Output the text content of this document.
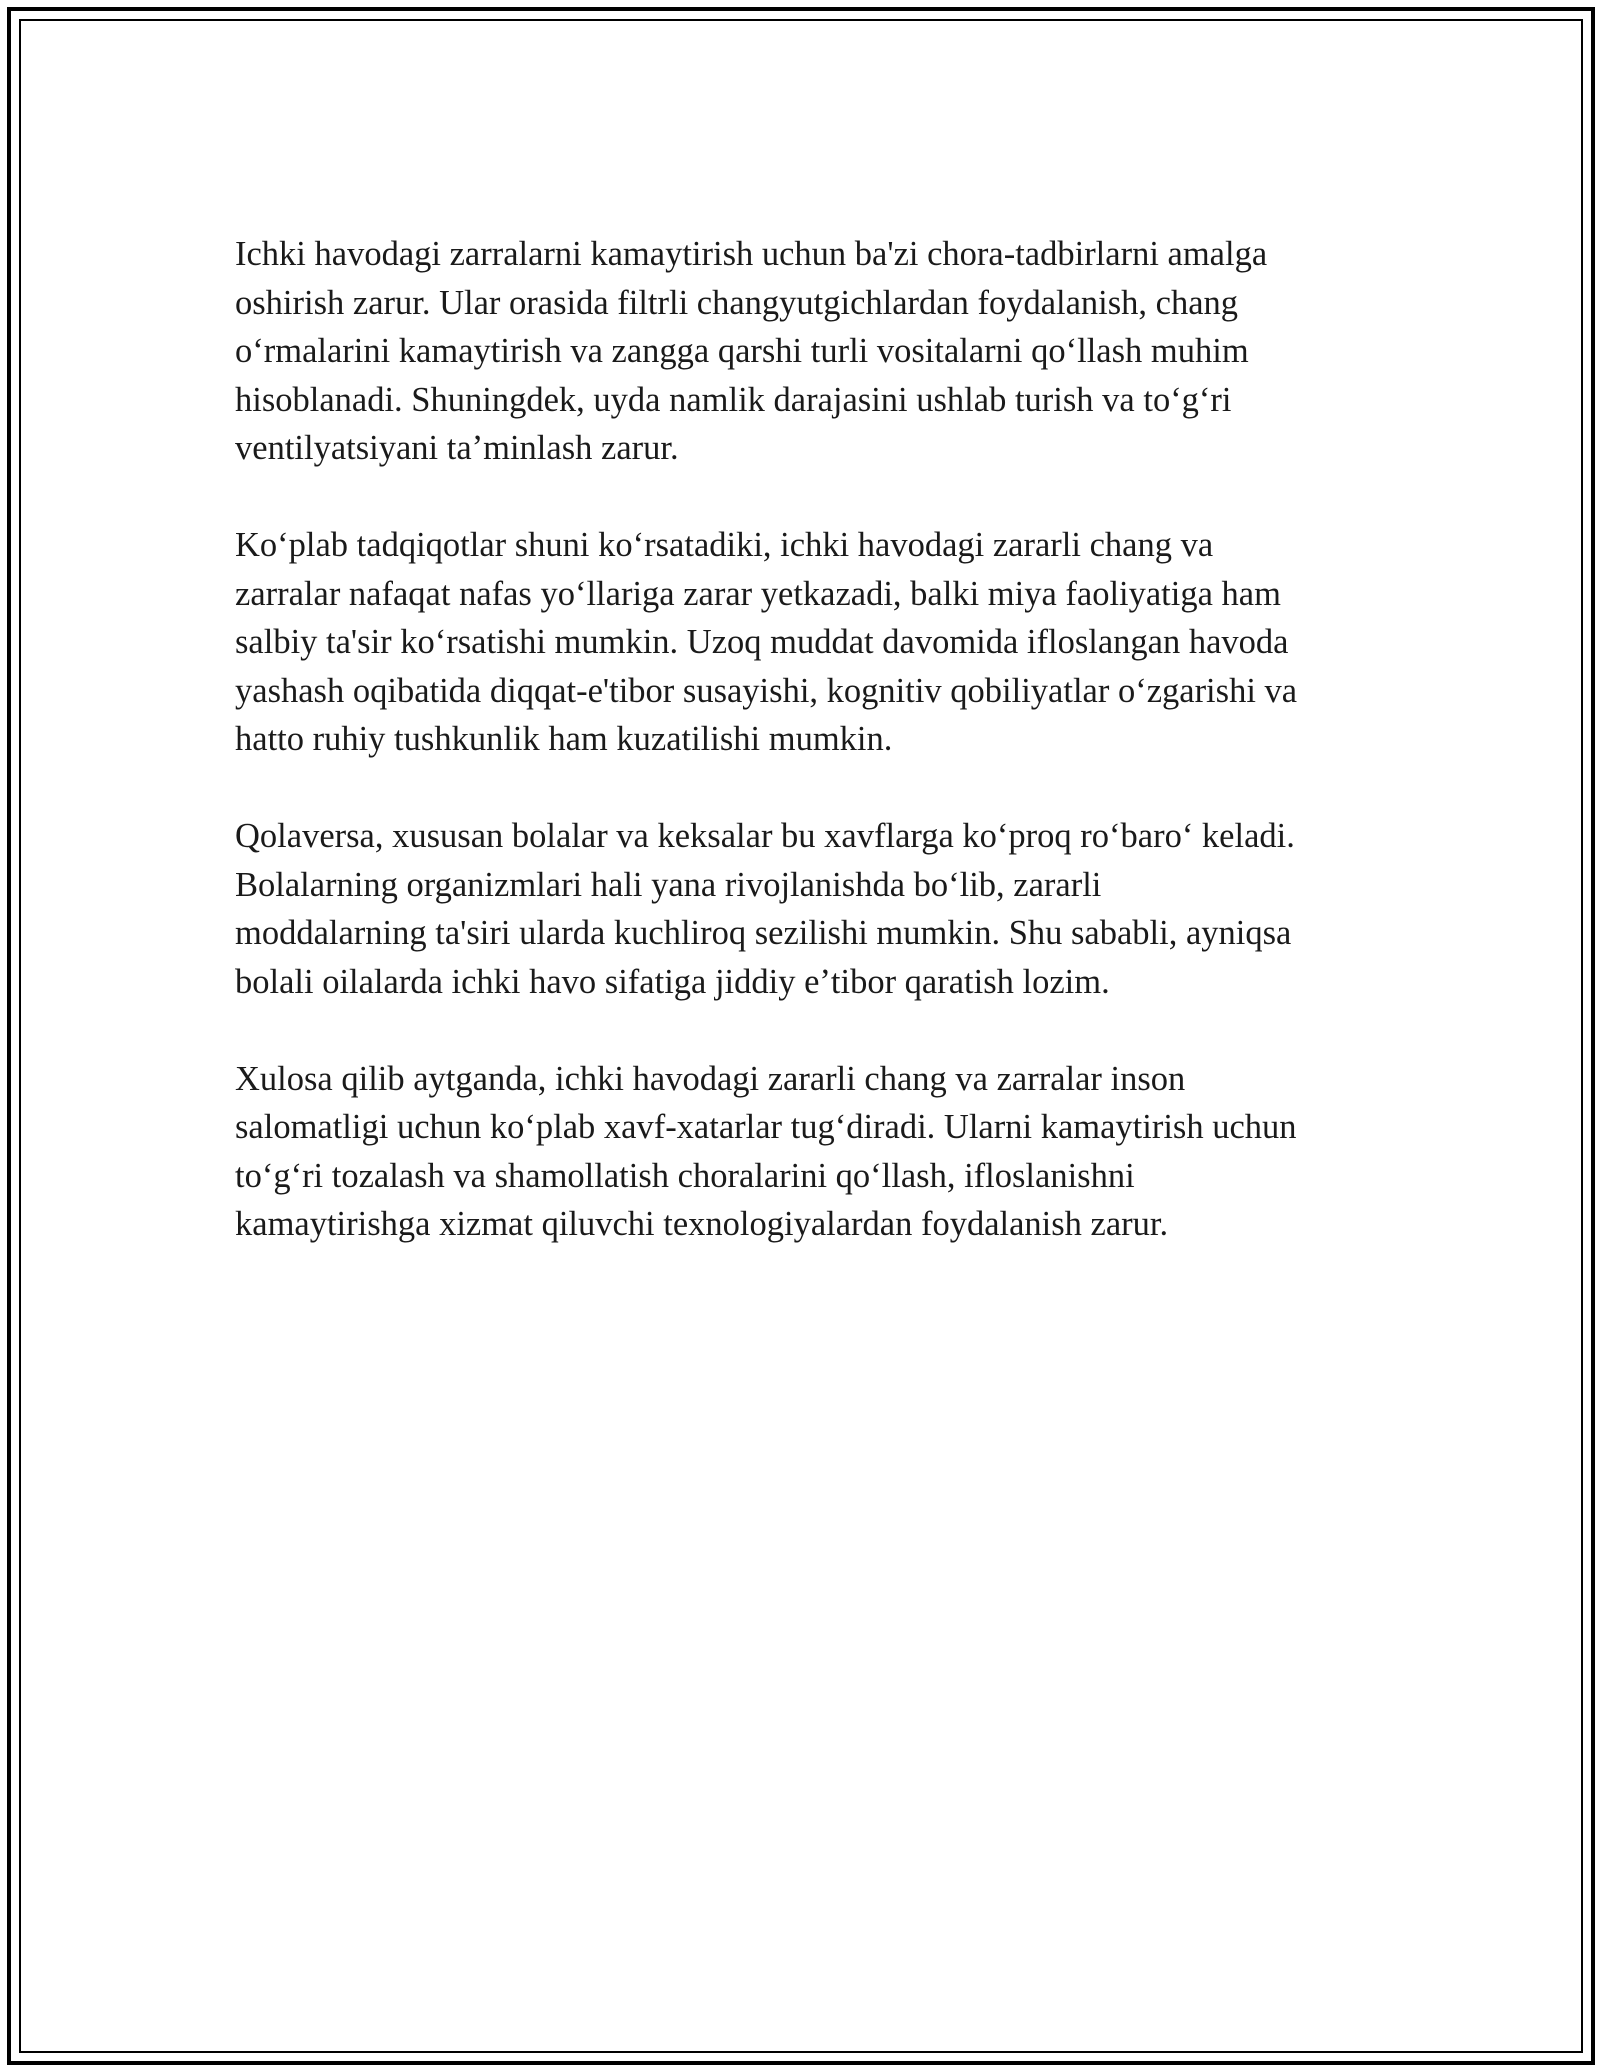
Ichki havodagi zarralarni kamaytirish uchun ba'zi chora-tadbirlarni amalga
oshirish zarur. Ular orasida filtrli changyutgichlardan foydalanish, chang
oʻrmalarini kamaytirish va zangga qarshi turli vositalarni qoʻllash muhim
hisoblanadi. Shuningdek, uyda namlik darajasini ushlab turish va toʻgʻri
ventilyatsiyani taʼminlash zarur.

Koʻplab tadqiqotlar shuni koʻrsatadiki, ichki havodagi zararli chang va
zarralar nafaqat nafas yoʻllariga zarar yetkazadi, balki miya faoliyatiga ham
salbiy ta'sir koʻrsatishi mumkin. Uzoq muddat davomida ifloslangan havoda
yashash oqibatida diqqat-e'tibor susayishi, kognitiv qobiliyatlar oʻzgarishi va
hatto ruhiy tushkunlik ham kuzatilishi mumkin.

Qolaversa, xususan bolalar va keksalar bu xavflarga koʻproq roʻbaroʻ keladi.
Bolalarning organizmlari hali yana rivojlanishda boʻlib, zararli
moddalarning ta'siri ularda kuchliroq sezilishi mumkin. Shu sababli, ayniqsa
bolali oilalarda ichki havo sifatiga jiddiy eʼtibor qaratish lozim.

Xulosa qilib aytganda, ichki havodagi zararli chang va zarralar inson
salomatligi uchun koʻplab xavf-xatarlar tugʻdiradi. Ularni kamaytirish uchun
toʻgʻri tozalash va shamollatish choralarini qoʻllash, ifloslanishni
kamaytirishga xizmat qiluvchi texnologiyalardan foydalanish zarur.
